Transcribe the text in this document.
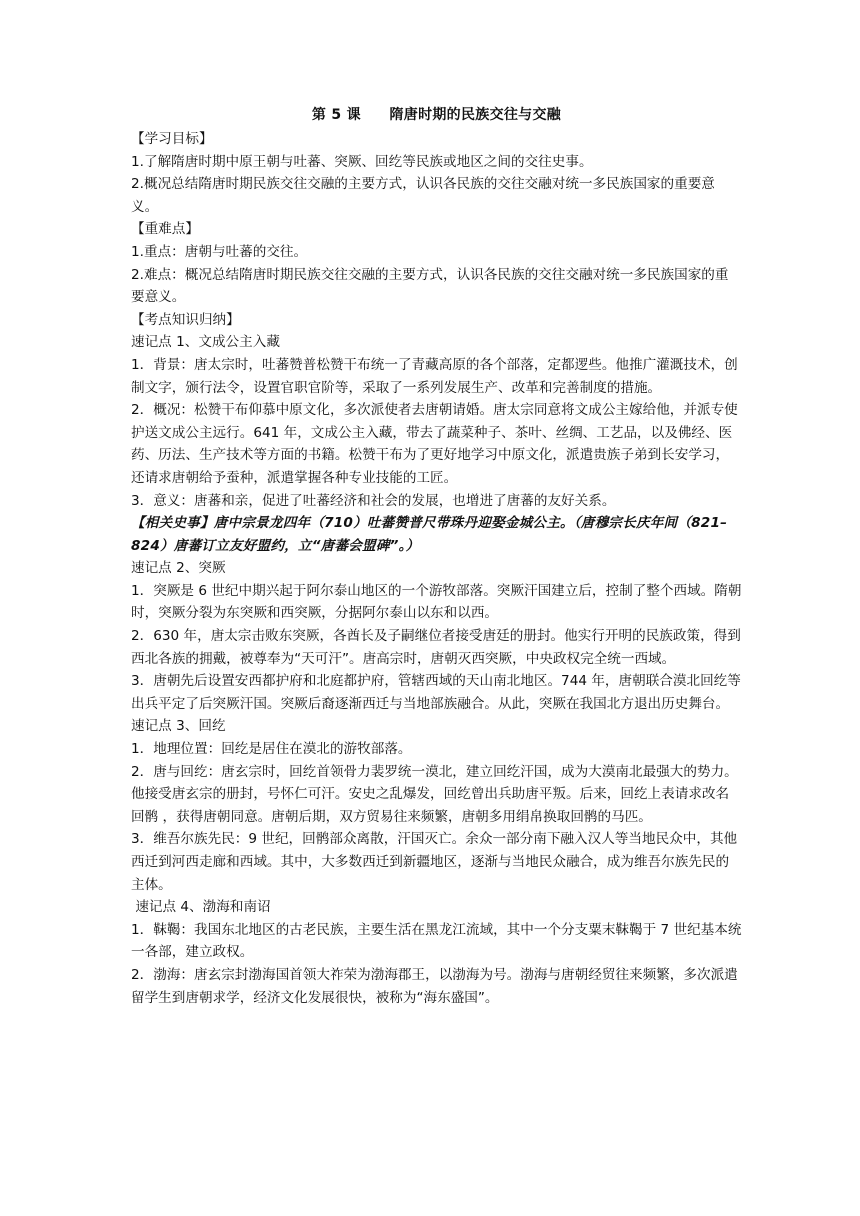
第 5 课　　隋唐时期的民族交往与交融
【学习目标】
1.了解隋唐时期中原王朝与吐蕃、突厥、回纥等民族或地区之间的交往史事。
2.概况总结隋唐时期民族交往交融的主要方式，认识各民族的交往交融对统一多民族国家的重要意义。
【重难点】
1.重点：唐朝与吐蕃的交往。
2.难点：概况总结隋唐时期民族交往交融的主要方式，认识各民族的交往交融对统一多民族国家的重要意义。
【考点知识归纳】
速记点 1、文成公主入藏
1．背景：唐太宗时，吐蕃赞普松赞干布统一了青藏高原的各个部落，定都逻些。他推广灌溉技术，创制文字，颁行法令，设置官职官阶等，采取了一系列发展生产、改革和完善制度的措施。
2．概况：松赞干布仰慕中原文化，多次派使者去唐朝请婚。唐太宗同意将文成公主嫁给他，并派专使护送文成公主远行。641 年，文成公主入藏，带去了蔬菜种子、茶叶、丝绸、工艺品，以及佛经、医药、历法、生产技术等方面的书籍。松赞干布为了更好地学习中原文化，派遣贵族子弟到长安学习，还请求唐朝给予蚕种，派遣掌握各种专业技能的工匠。
3．意义：唐蕃和亲，促进了吐蕃经济和社会的发展，也增进了唐蕃的友好关系。
【相关史事】唐中宗景龙四年（710）吐蕃赞普尺带珠丹迎娶金城公主。（唐穆宗长庆年间（821–824）唐蕃订立友好盟约，立“唐蕃会盟碑”。）
速记点 2、突厥
1．突厥是 6 世纪中期兴起于阿尔泰山地区的一个游牧部落。突厥汗国建立后，控制了整个西域。隋朝时，突厥分裂为东突厥和西突厥，分据阿尔泰山以东和以西。
2．630 年，唐太宗击败东突厥，各酋长及子嗣继位者接受唐廷的册封。他实行开明的民族政策，得到西北各族的拥戴，被尊奉为“天可汗”。唐高宗时，唐朝灭西突厥，中央政权完全统一西域。
3．唐朝先后设置安西都护府和北庭都护府，管辖西域的天山南北地区。744 年，唐朝联合漠北回纥等出兵平定了后突厥汗国。突厥后裔逐渐西迁与当地部族融合。从此，突厥在我国北方退出历史舞台。
速记点 3、回纥
1．地理位置：回纥是居住在漠北的游牧部落。
2．唐与回纥：唐玄宗时，回纥首领骨力裴罗统一漠北，建立回纥汗国，成为大漠南北最强大的势力。他接受唐玄宗的册封，号怀仁可汗。安史之乱爆发，回纥曾出兵助唐平叛。后来，回纥上表请求改名回鹘 ，获得唐朝同意。唐朝后期，双方贸易往来频繁，唐朝多用绢帛换取回鹘的马匹。
3．维吾尔族先民：9 世纪，回鹘部众离散，汗国灭亡。余众一部分南下融入汉人等当地民众中，其他西迁到河西走廊和西域。其中，大多数西迁到新疆地区，逐渐与当地民众融合，成为维吾尔族先民的主体。
速记点 4、渤海和南诏
1．靺鞨：我国东北地区的古老民族，主要生活在黑龙江流域，其中一个分支粟末靺鞨于 7 世纪基本统一各部，建立政权。
2．渤海：唐玄宗封渤海国首领大祚荣为渤海郡王，以渤海为号。渤海与唐朝经贸往来频繁，多次派遣留学生到唐朝求学，经济文化发展很快，被称为“海东盛国”。
